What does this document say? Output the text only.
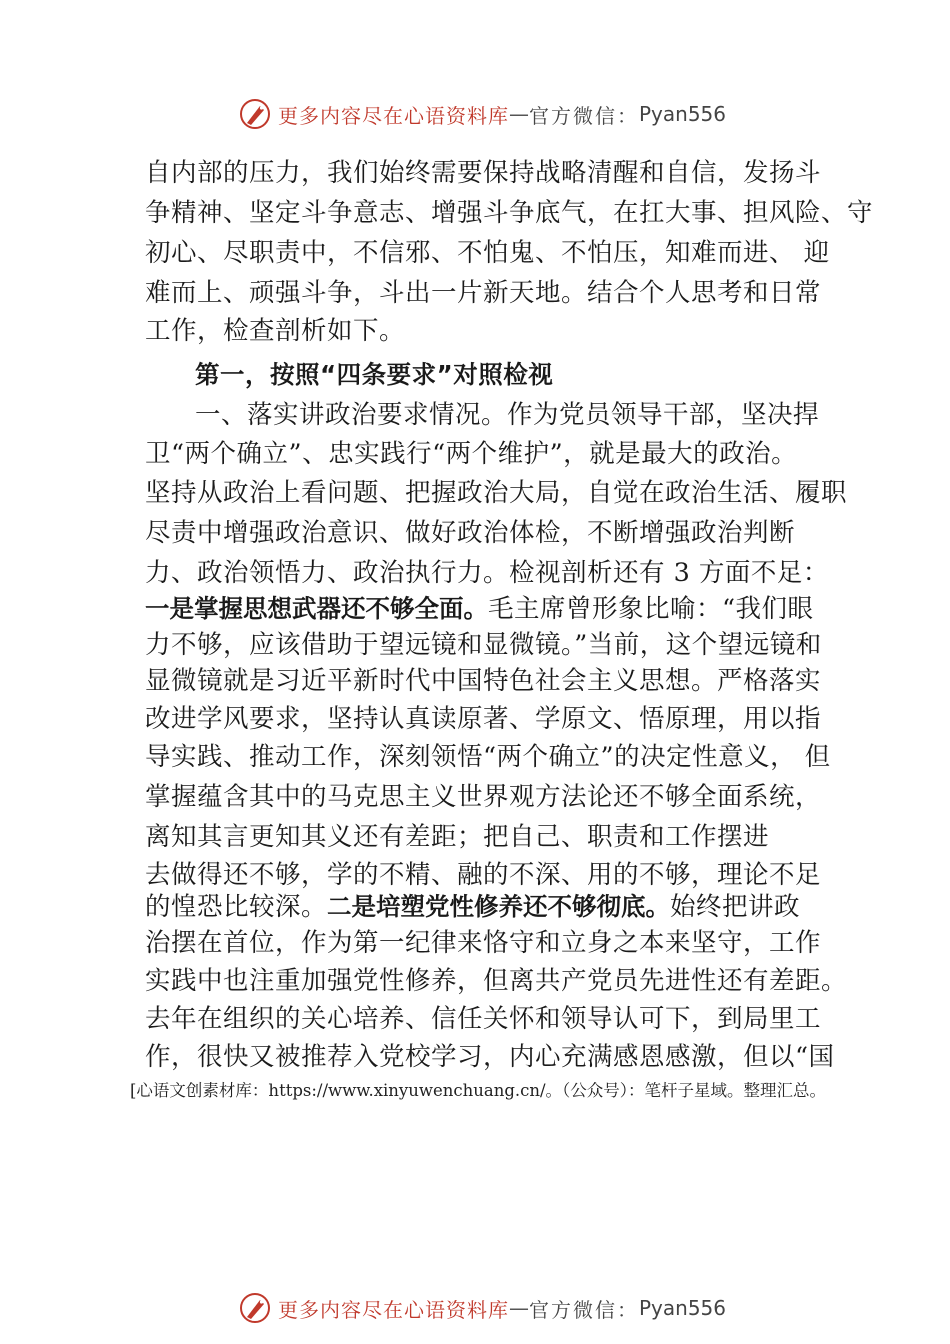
更多内容尽在心语资料库 — 官方微信： Pyan556
自内部的压力，我们始终需要保持战略清醒和自信，发扬斗
争精神、坚定斗争意志、增强斗争底气，在扛大事、担风险、守
初心、尽职责中，不信邪、不怕鬼、不怕压，知难而进、 迎
难而上、顽强斗争，斗出一片新天地。结合个人思考和日常
工作，检查剖析如下。
第一，按照“四条要求”对照检视
一、落实讲政治要求情况。作为党员领导干部，坚决捍
卫“两个确立”、忠实践行“两个维护”，就是最大的政治。
坚持从政治上看问题、把握政治大局，自觉在政治生活、履职
尽责中增强政治意识、做好政治体检，不断增强政治判断
力、政治领悟力、政治执行力。检视剖析还有 3 方面不足：
一是掌握思想武器还不够全面。毛主席曾形象比喻：“我们眼
力不够，应该借助于望远镜和显微镜。”当前，这个望远镜和
显微镜就是习近平新时代中国特色社会主义思想。严格落实
改进学风要求，坚持认真读原著、学原文、悟原理，用以指
导实践、推动工作，深刻领悟“两个确立”的决定性意义， 但
掌握蕴含其中的马克思主义世界观方法论还不够全面系统，
离知其言更知其义还有差距；把自己、职责和工作摆进
去做得还不够，学的不精、融的不深、用的不够，理论不足
的惶恐比较深。二是培塑党性修养还不够彻底。始终把讲政
治摆在首位，作为第一纪律来恪守和立身之本来坚守，工作
实践中也注重加强党性修养，但离共产党员先进性还有差距。
去年在组织的关心培养、信任关怀和领导认可下，到局里工
作，很快又被推荐入党校学习，内心充满感恩感激，但以“国
[心语文创素材库：https://www.xinyuwenchuang.cn/。（公众号）：笔杆子星域。整理汇总。
更多内容尽在心语资料库 — 官方微信： Pyan556
